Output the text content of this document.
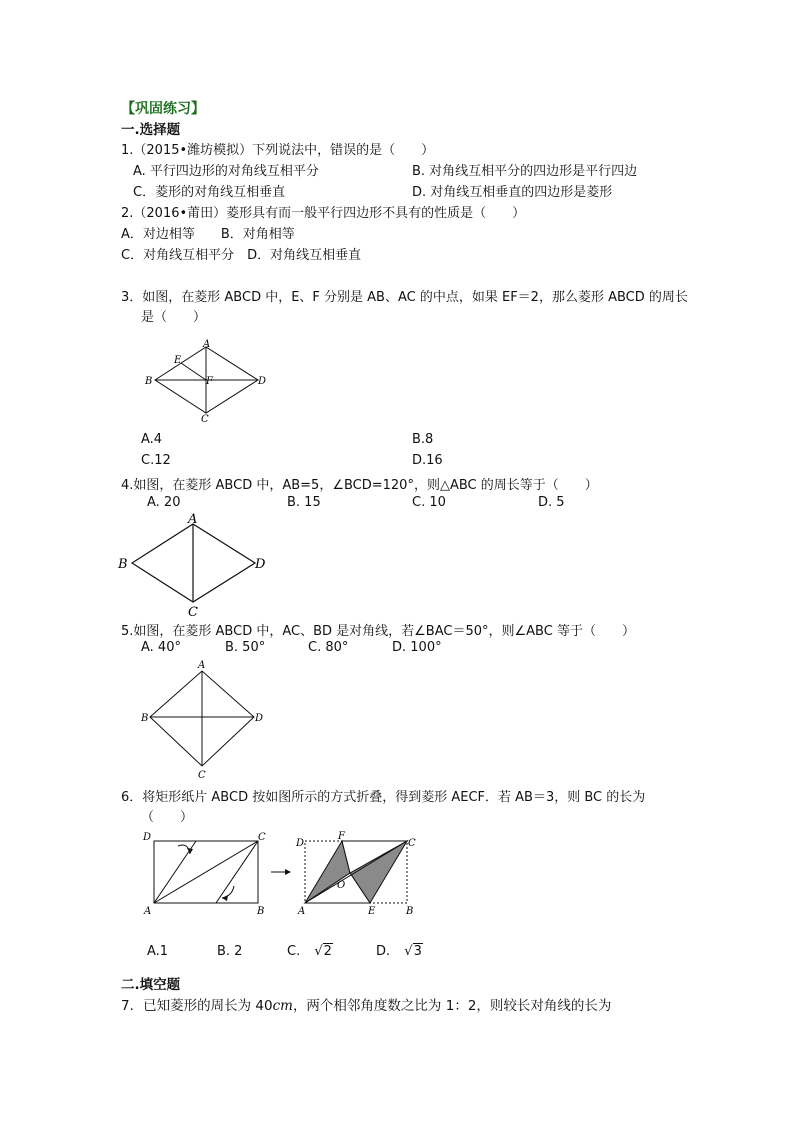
【巩固练习】
一.选择题
1.（2015•潍坊模拟）下列说法中，错误的是（　　）
A. 平行四边形的对角线互相平分	B. 对角线互相平分的四边形是平行四边
C．菱形的对角线互相垂直	D. 对角线互相垂直的四边形是菱形
2.（2016•莆田）菱形具有而一般平行四边形不具有的性质是（　　）
A．对边相等　　B．对角相等
C．对角线互相平分　D．对角线互相垂直
3．如图，在菱形 ABCD 中，E、F 分别是 AB、AC 的中点，如果 EF＝2，那么菱形 ABCD 的周长
是（　　）
A
B
C
D
E
F
A.4	B.8
C.12	D.16
4.如图，在菱形 ABCD 中，AB=5，∠BCD=120°，则△ABC 的周长等于（　　）
A. 20	B. 15	C. 10	D. 5
A
B
C
D
5.如图，在菱形 ABCD 中，AC、BD 是对角线，若∠BAC＝50°，则∠ABC 等于（　　）
A. 40°	B. 50°	C. 80°	D. 100°
A
B
C
D
6．将矩形纸片 ABCD 按如图所示的方式折叠，得到菱形 AECF．若 AB＝3，则 BC 的长为
（　　）
D	C
A	B
D
F
C
O
A	E	B
A.1	B. 2	C. √2	D. √3
二.填空题
7．已知菱形的周长为 40cm，两个相邻角度数之比为 1：2，则较长对角线的长为
